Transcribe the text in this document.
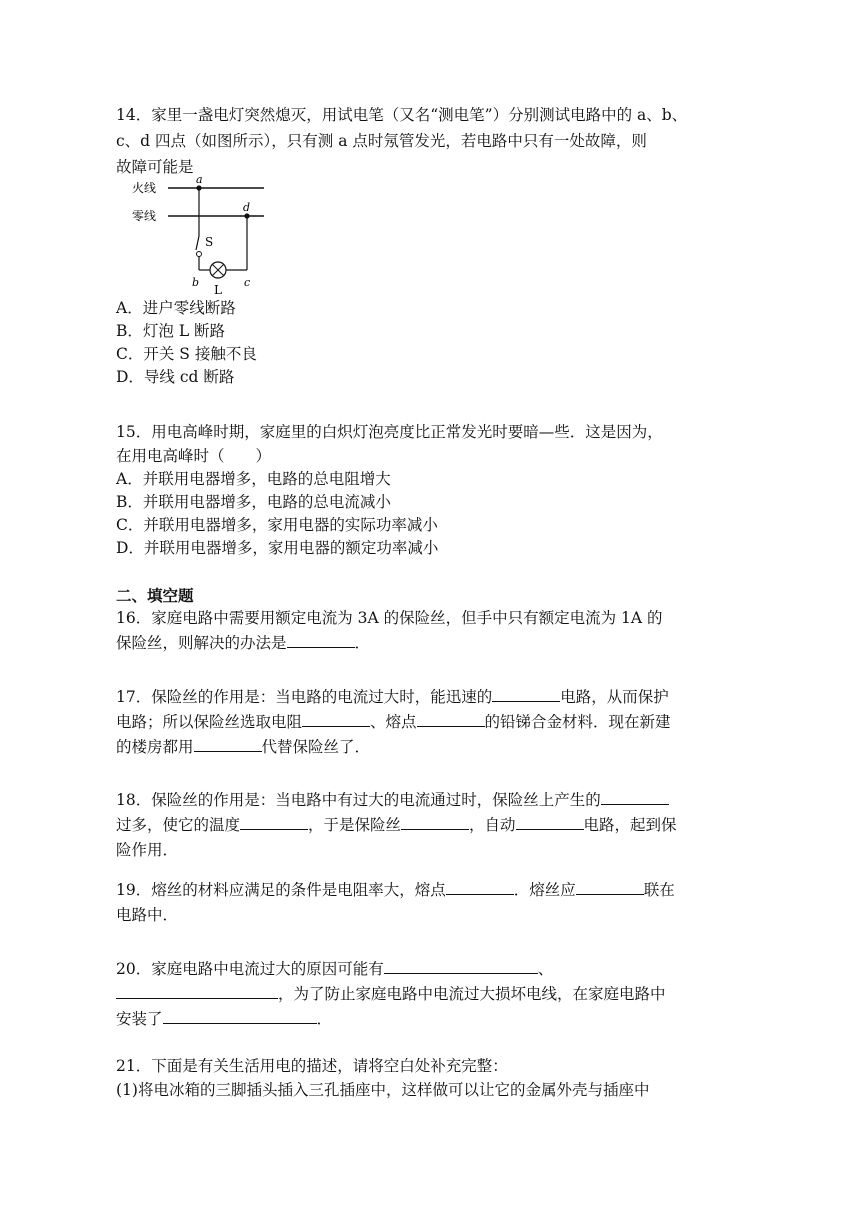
14．家里一盏电灯突然熄灭，用试电笔（又名“测电笔”）分别测试电路中的 a、b、
c、d 四点（如图所示），只有测 a 点时氖管发光，若电路中只有一处故障，则
故障可能是
火线
零线
a
S
b
L
c
d
A．进户零线断路
B．灯泡 L 断路
C．开关 S 接触不良
D．导线 cd 断路
15．用电高峰时期，家庭里的白炽灯泡亮度比正常发光时要暗—些．这是因为，
在用电高峰时（　　）
A．并联用电器增多，电路的总电阻增大
B．并联用电器增多，电路的总电流减小
C．并联用电器增多，家用电器的实际功率减小
D．并联用电器增多，家用电器的额定功率减小
二、填空题
16．家庭电路中需要用额定电流为 3A 的保险丝，但手中只有额定电流为 1A 的
保险丝，则解决的办法是	．
17．保险丝的作用是：当电路的电流过大时，能迅速的	电路，从而保护
电路；所以保险丝选取电阻	、熔点	的铅锑合金材料．现在新建
的楼房都用	代替保险丝了．
18．保险丝的作用是：当电路中有过大的电流通过时，保险丝上产生的
过多，使它的温度	，于是保险丝	，自动	电路，起到保
险作用．
19．熔丝的材料应满足的条件是电阻率大，熔点	．熔丝应	联在
电路中．
20．家庭电路中电流过大的原因可能有	、
，为了防止家庭电路中电流过大损坏电线，在家庭电路中
安装了	．
21．下面是有关生活用电的描述，请将空白处补充完整：
(1)将电冰箱的三脚插头插入三孔插座中，这样做可以让它的金属外壳与插座中
